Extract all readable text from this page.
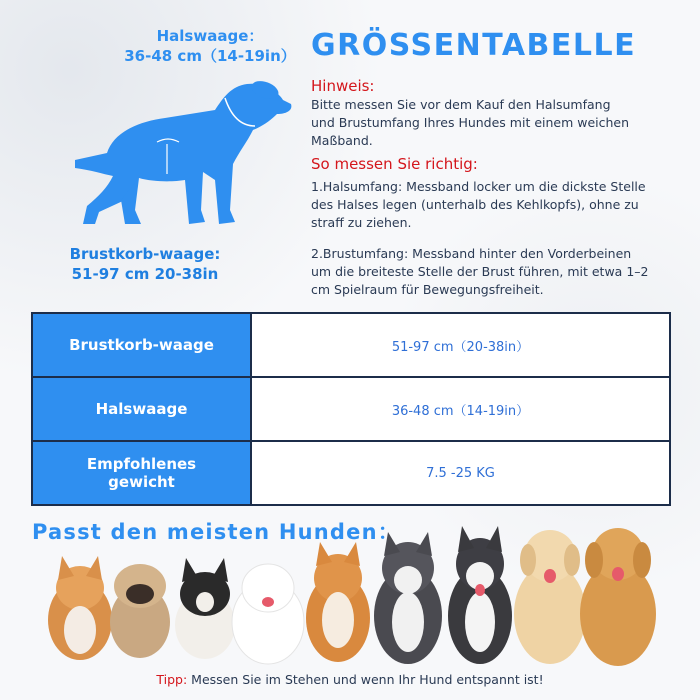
Halswaage：
36-48 cm（14-19in）
Brustkorb-waage:
51-97 cm 20-38in
GRÖSSENTABELLE
Hinweis:
Bitte messen Sie vor dem Kauf den Halsumfang
und Brustumfang Ihres Hundes mit einem weichen
Maßband.
So messen Sie richtig:
1.Halsumfang: Messband locker um die dickste Stelle
des Halses legen (unterhalb des Kehlkopfs), ohne zu
straff zu ziehen.
2.Brustumfang: Messband hinter den Vorderbeinen
um die breiteste Stelle der Brust führen, mit etwa 1–2
cm Spielraum für Bewegungsfreiheit.
Brustkorb-waage	51-97 cm（20-38in）
Halswaage	36-48 cm（14-19in）

Empfohlenes
gewicht	7.5 -25 KG
Passt den meisten Hunden：
Tipp: Messen Sie im Stehen und wenn Ihr Hund entspannt ist!
